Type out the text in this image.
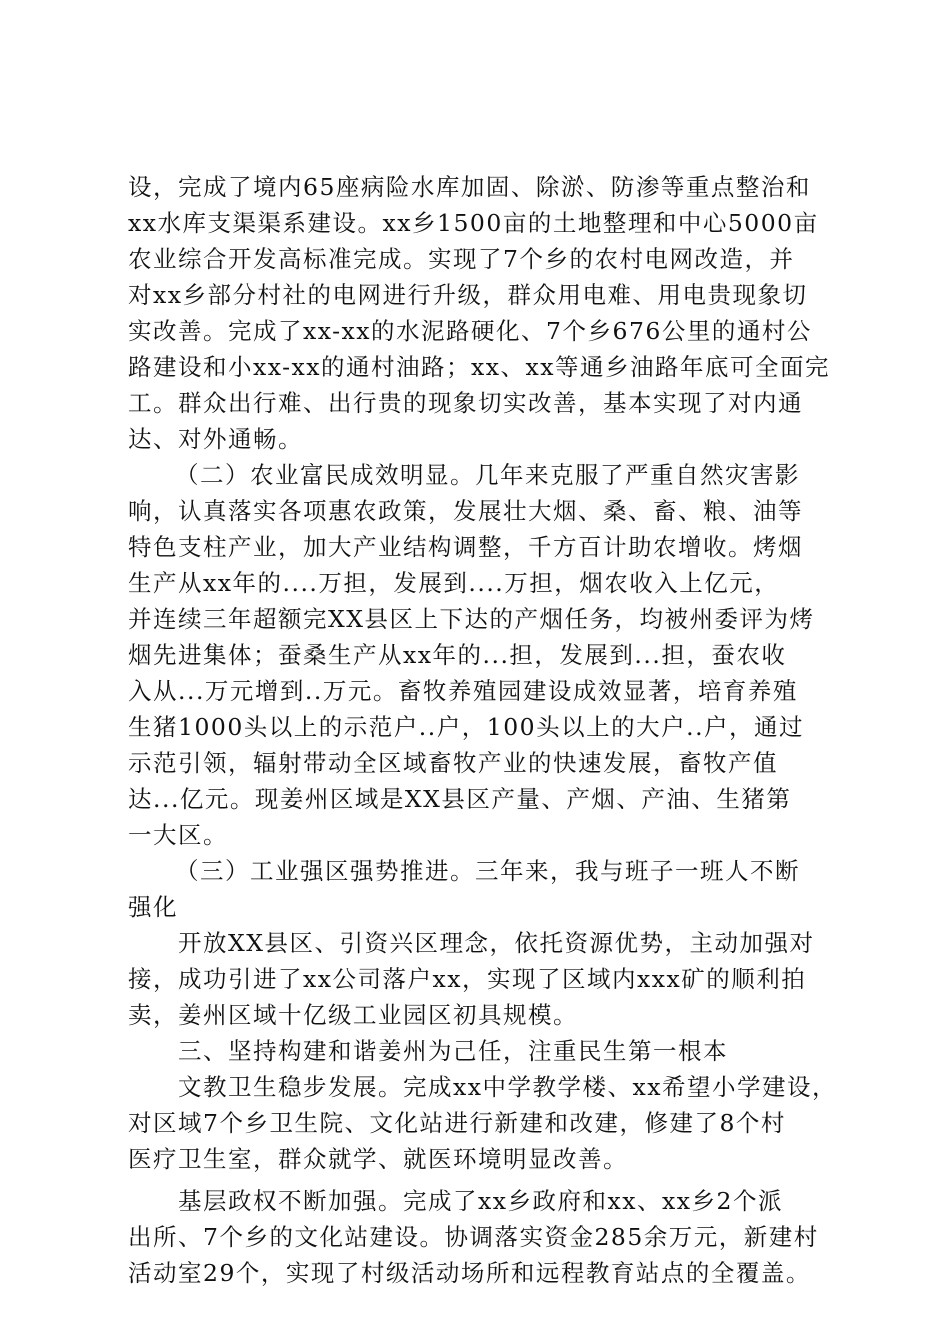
设，完成了境内65座病险水库加固、除淤、防渗等重点整治和
xx水库支渠渠系建设。xx乡1500亩的土地整理和中心5000亩
农业综合开发高标准完成。实现了7个乡的农村电网改造，并
对xx乡部分村社的电网进行升级，群众用电难、用电贵现象切
实改善。完成了xx-xx的水泥路硬化、7个乡676公里的通村公
路建设和小xx-xx的通村油路；xx、xx等通乡油路年底可全面完
工。群众出行难、出行贵的现象切实改善，基本实现了对内通
达、对外通畅。
（二）农业富民成效明显。几年来克服了严重自然灾害影
响，认真落实各项惠农政策，发展壮大烟、桑、畜、粮、油等
特色支柱产业，加大产业结构调整，千方百计助农增收。烤烟
生产从xx年的....万担，发展到....万担，烟农收入上亿元，
并连续三年超额完XX县区上下达的产烟任务，均被州委评为烤
烟先进集体；蚕桑生产从xx年的...担，发展到...担，蚕农收
入从...万元增到..万元。畜牧养殖园建设成效显著，培育养殖
生猪1000头以上的示范户..户，100头以上的大户..户，通过
示范引领，辐射带动全区域畜牧产业的快速发展，畜牧产值
达...亿元。现姜州区域是XX县区产量、产烟、产油、生猪第
一大区。
（三）工业强区强势推进。三年来，我与班子一班人不断
强化
开放XX县区、引资兴区理念，依托资源优势，主动加强对
接，成功引进了xx公司落户xx，实现了区域内xxx矿的顺利拍
卖，姜州区域十亿级工业园区初具规模。
三、坚持构建和谐姜州为己任，注重民生第一根本
文教卫生稳步发展。完成xx中学教学楼、xx希望小学建设，
对区域7个乡卫生院、文化站进行新建和改建，修建了8个村
医疗卫生室，群众就学、就医环境明显改善。
基层政权不断加强。完成了xx乡政府和xx、xx乡2个派
出所、7个乡的文化站建设。协调落实资金285余万元，新建村
活动室29个，实现了村级活动场所和远程教育站点的全覆盖。
